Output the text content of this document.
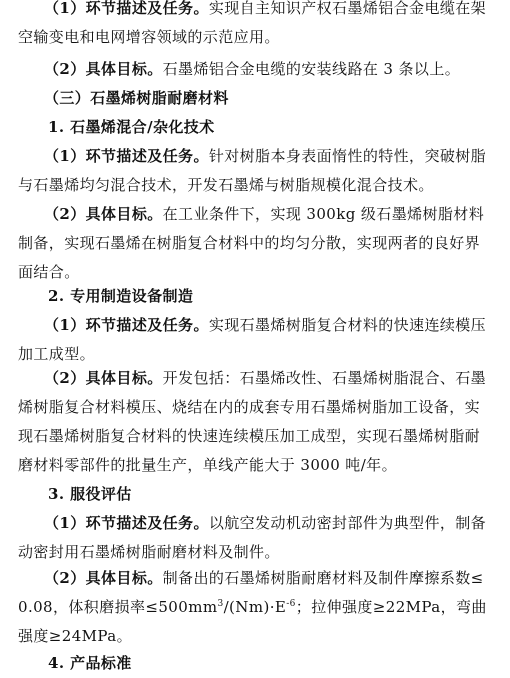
（1）环节描述及任务。实现自主知识产权石墨烯铝合金电缆在架空输变电和电网增容领域的示范应用。
（2）具体目标。石墨烯铝合金电缆的安装线路在 3 条以上。
（三）石墨烯树脂耐磨材料
1. 石墨烯混合/杂化技术
（1）环节描述及任务。针对树脂本身表面惰性的特性，突破树脂与石墨烯均匀混合技术，开发石墨烯与树脂规模化混合技术。
（2）具体目标。在工业条件下，实现 300kg 级石墨烯树脂材料制备，实现石墨烯在树脂复合材料中的均匀分散，实现两者的良好界面结合。
2. 专用制造设备制造
（1）环节描述及任务。实现石墨烯树脂复合材料的快速连续模压加工成型。
（2）具体目标。开发包括：石墨烯改性、石墨烯树脂混合、石墨烯树脂复合材料模压、烧结在内的成套专用石墨烯树脂加工设备，实现石墨烯树脂复合材料的快速连续模压加工成型，实现石墨烯树脂耐磨材料零部件的批量生产，单线产能大于 3000 吨/年。
3. 服役评估
（1）环节描述及任务。以航空发动机动密封部件为典型件，制备动密封用石墨烯树脂耐磨材料及制件。
（2）具体目标。制备出的石墨烯树脂耐磨材料及制件摩擦系数≤0.08，体积磨损率$\le 500mm^3/(Nm)\cdot E^{-6}$；拉伸强度≥22MPa，弯曲强度≥24MPa。
4. 产品标准
